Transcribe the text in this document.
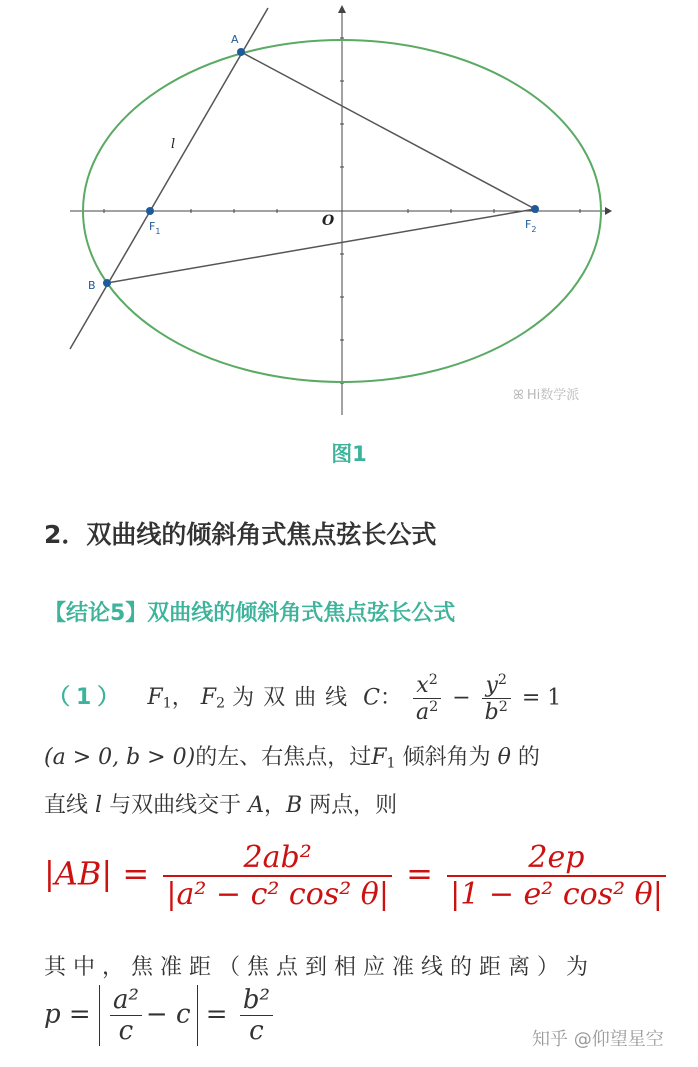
A
B
O
l
$F_1$
$F_2$
ꕤ Hi数学派
图1
2．双曲线的倾斜角式焦点弦长公式
【结论5】双曲线的倾斜角式焦点弦长公式
（1） $F_1$， $F_2$ 为双曲线 C： $\frac{x^2}{a^2} - \frac{y^2}{b^2} = 1$
(a > 0, b > 0)的左、右焦点，过$F_1$ 倾斜角为 θ 的
直线 l 与双曲线交于 A，B 两点，则
$|AB| = \frac{\text{2ab²}}{\text{|a² − c² cos² θ|}} = \frac{2ep}{\text{|1 − e² cos² θ|}}$
其中，焦准距（焦点到相应准线的距离）为
$p = \frac{\text{a²}}{c} - c = \frac{\text{b²}}{c}$	知乎 @仰望星空
